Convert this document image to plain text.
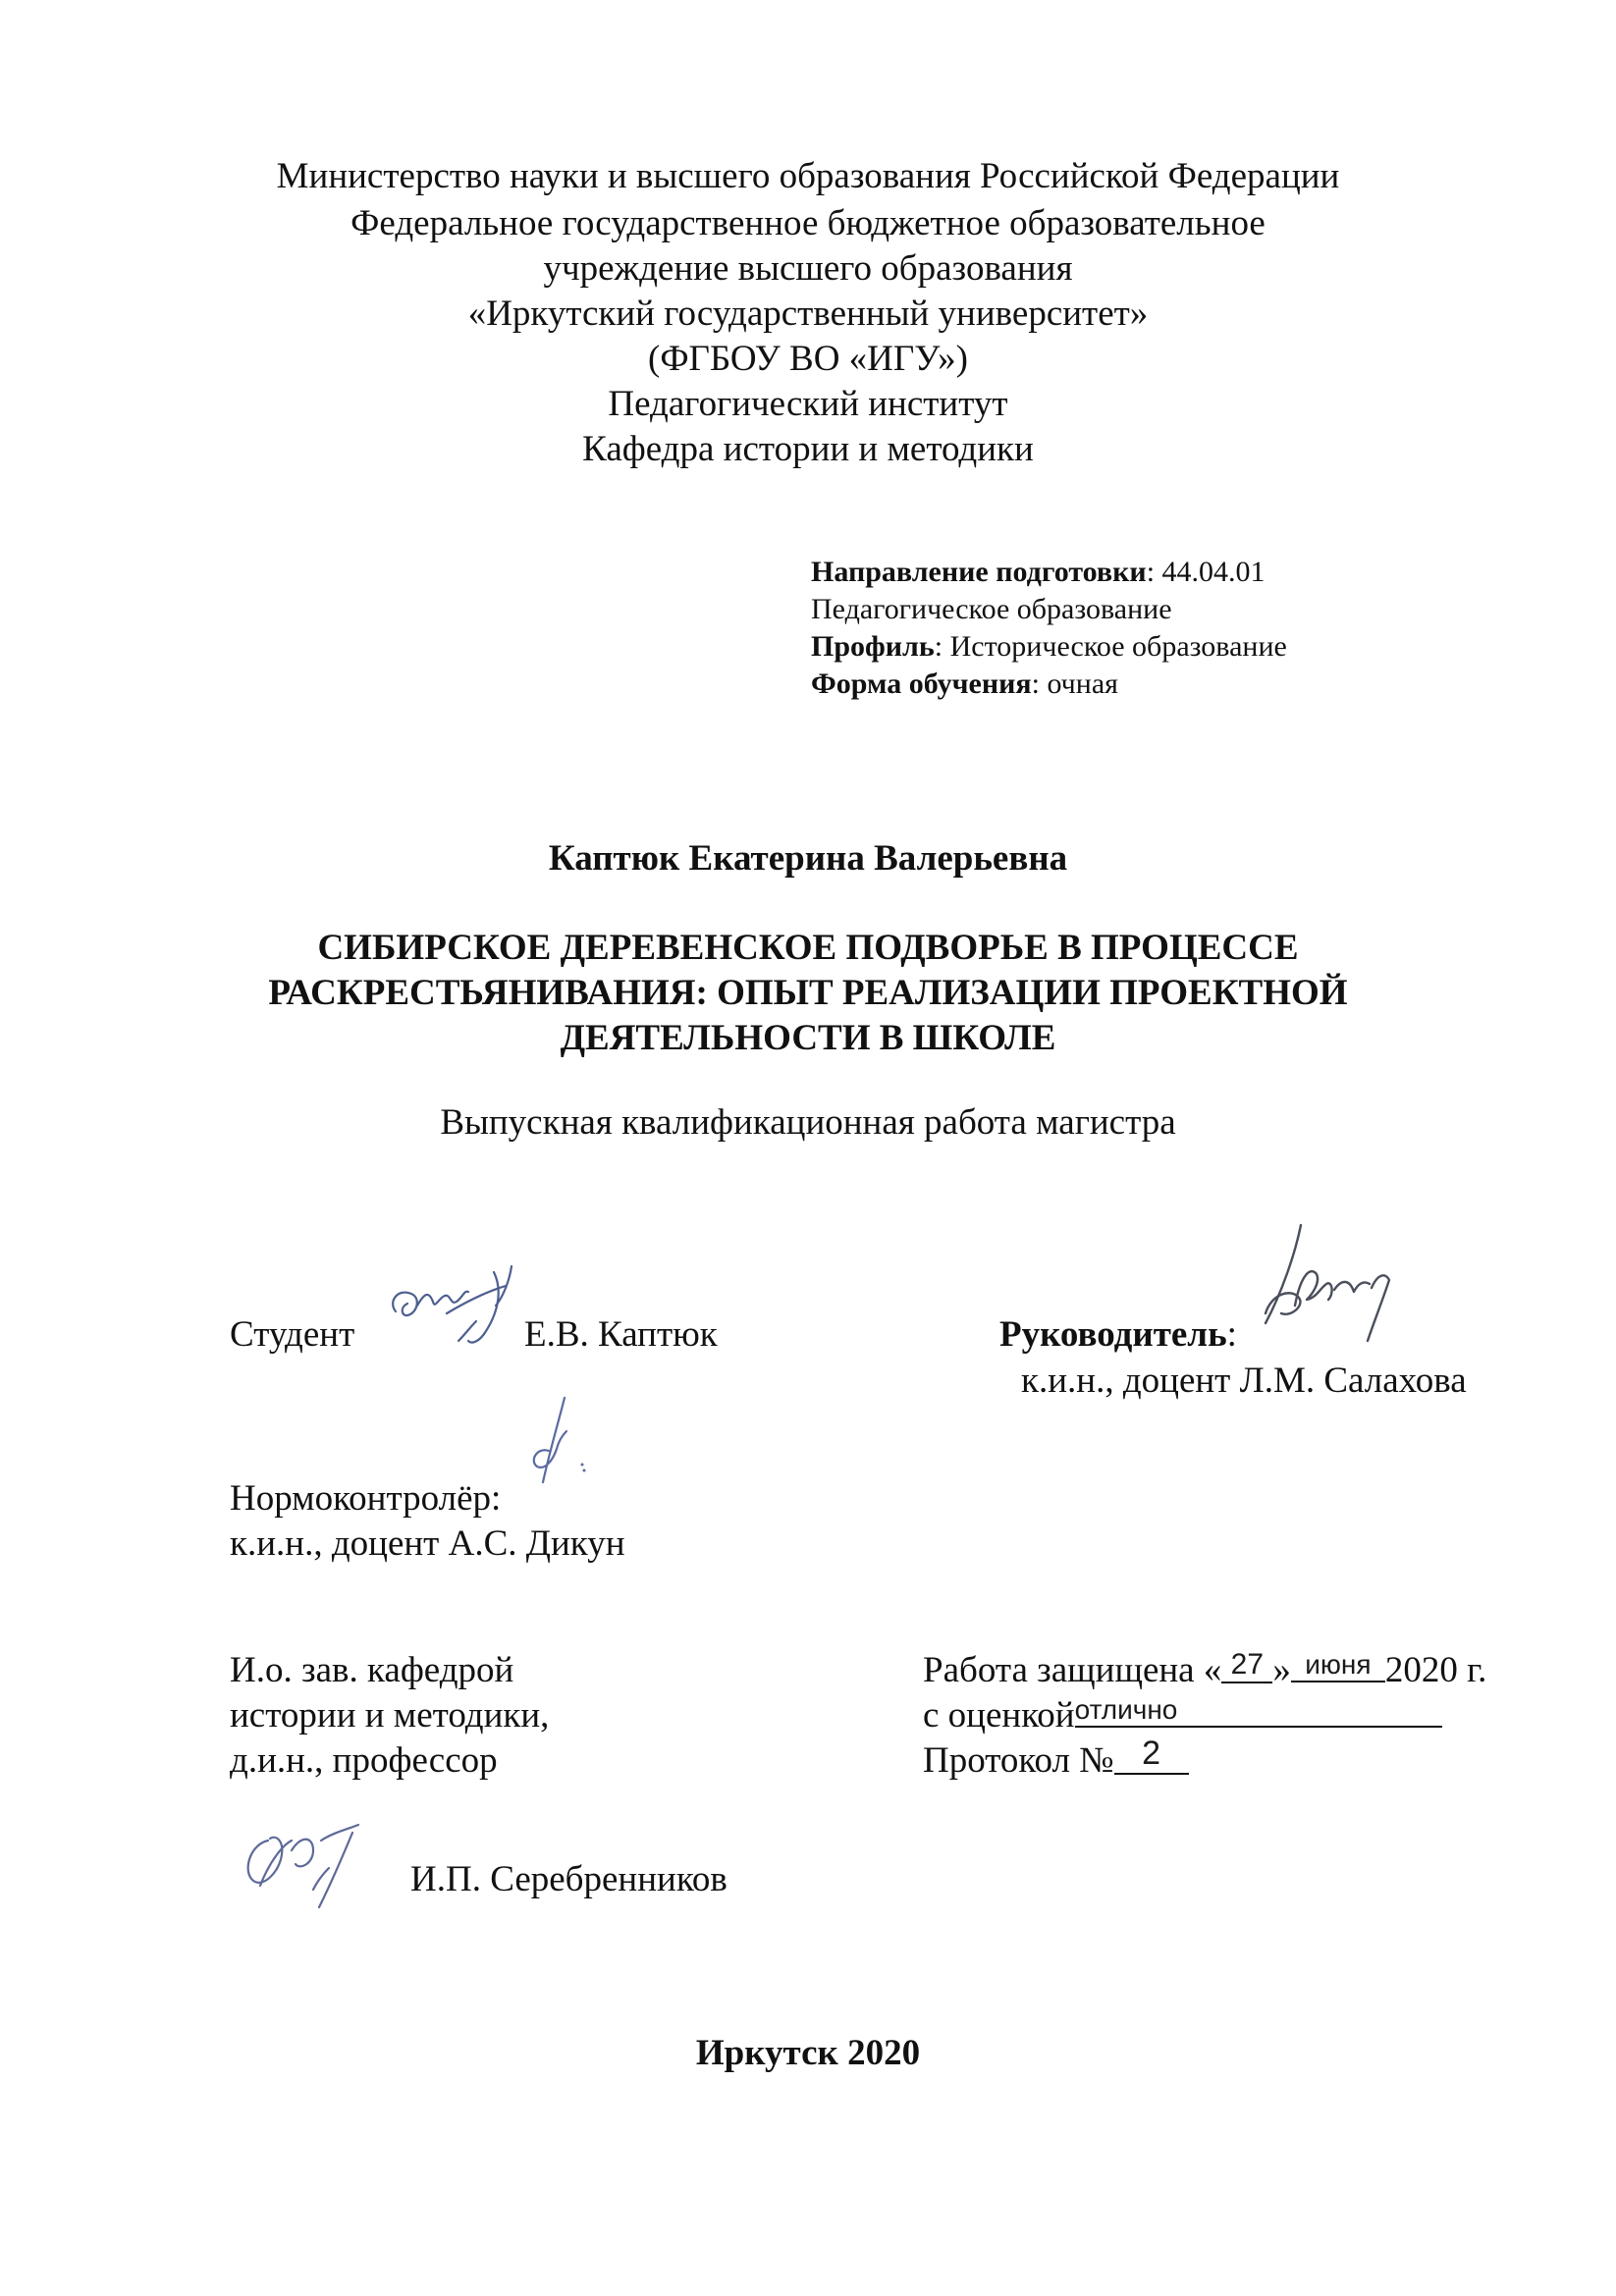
Министерство науки и высшего образования Российской Федерации
Федеральное государственное бюджетное образовательное
учреждение высшего образования
«Иркутский государственный университет»
(ФГБОУ ВО «ИГУ»)
Педагогический институт
Кафедра истории и методики
Направление подготовки: 44.04.01
Педагогическое образование
Профиль: Историческое образование
Форма обучения: очная
Каптюк Екатерина Валерьевна
СИБИРСКОЕ ДЕРЕВЕНСКОЕ ПОДВОРЬЕ В ПРОЦЕССЕ
РАСКРЕСТЬЯНИВАНИЯ: ОПЫТ РЕАЛИЗАЦИИ ПРОЕКТНОЙ
ДЕЯТЕЛЬНОСТИ В ШКОЛЕ
Выпускная квалификационная работа магистра
Студент	Е.В. Каптюк	Руководитель:
к.и.н., доцент Л.М. Салахова
Нормоконтролёр:
к.и.н., доцент А.С. Дикун
И.о. зав. кафедрой
истории и методики,
д.и.н., профессор
И.П. Серебренников
Работа защищена « 27 » июня 2020 г.
с оценкойотлично
Протокол № 2
Иркутск 2020
